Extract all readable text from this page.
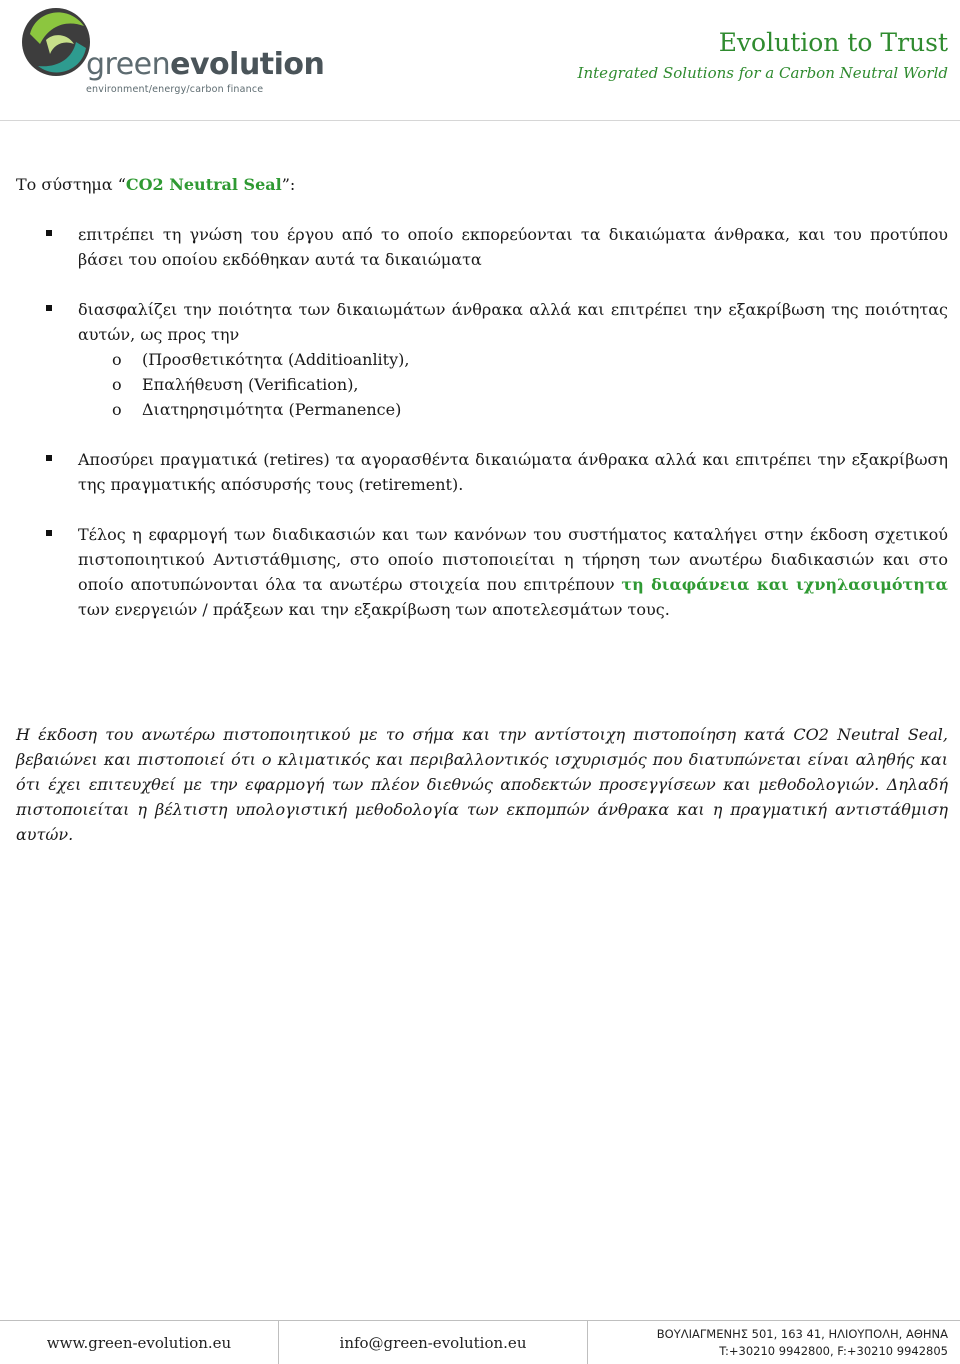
greenevolution
environment/energy/carbon finance
Evolution to Trust
Integrated Solutions for a Carbon Neutral World
Το σύστημα “CO2 Neutral Seal”:
επιτρέπει τη γνώση του έργου από το οποίο εκπορεύονται τα δικαιώματα άνθρακα, και του προτύπου βάσει του οποίου εκδόθηκαν αυτά τα δικαιώματα
διασφαλίζει την ποιότητα των δικαιωμάτων άνθρακα αλλά και επιτρέπει την εξακρίβωση της ποιότητας αυτών, ως προς την
o (Προσθετικότητα (Additioanlity),
o Επαλήθευση (Verification),
o Διατηρησιμότητα (Permanence)
Αποσύρει πραγματικά (retires) τα αγορασθέντα δικαιώματα άνθρακα αλλά και επιτρέπει την εξακρίβωση της πραγματικής απόσυρσής τους (retirement).
Τέλος η εφαρμογή των διαδικασιών και των κανόνων του συστήματος καταλήγει στην έκδοση σχετικού πιστοποιητικού Αντιστάθμισης, στο οποίο πιστοποιείται η τήρηση των ανωτέρω διαδικασιών και στο οποίο αποτυπώνονται όλα τα ανωτέρω στοιχεία που επιτρέπουν τη διαφάνεια και ιχνηλασιμότητα των ενεργειών / πράξεων και την εξακρίβωση των αποτελεσμάτων τους.
Η έκδοση του ανωτέρω πιστοποιητικού με το σήμα και την αντίστοιχη πιστοποίηση κατά CO2 Neutral Seal, βεβαιώνει και πιστοποιεί ότι ο κλιματικός και περιβαλλοντικός ισχυρισμός που διατυπώνεται είναι αληθής και ότι έχει επιτευχθεί με την εφαρμογή των πλέον διεθνώς αποδεκτών προσεγγίσεων και μεθοδολογιών. Δηλαδή πιστοποιείται η βέλτιστη υπολογιστική μεθοδολογία των εκπομπών άνθρακα και η πραγματική αντιστάθμιση αυτών.
www.green-evolution.eu	info@green-evolution.eu	ΒΟΥΛΙΑΓΜΕΝΗΣ 501, 163 41, ΗΛΙΟΥΠΟΛΗ, ΑΘΗΝΑ
T:+30210 9942800, F:+30210 9942805
